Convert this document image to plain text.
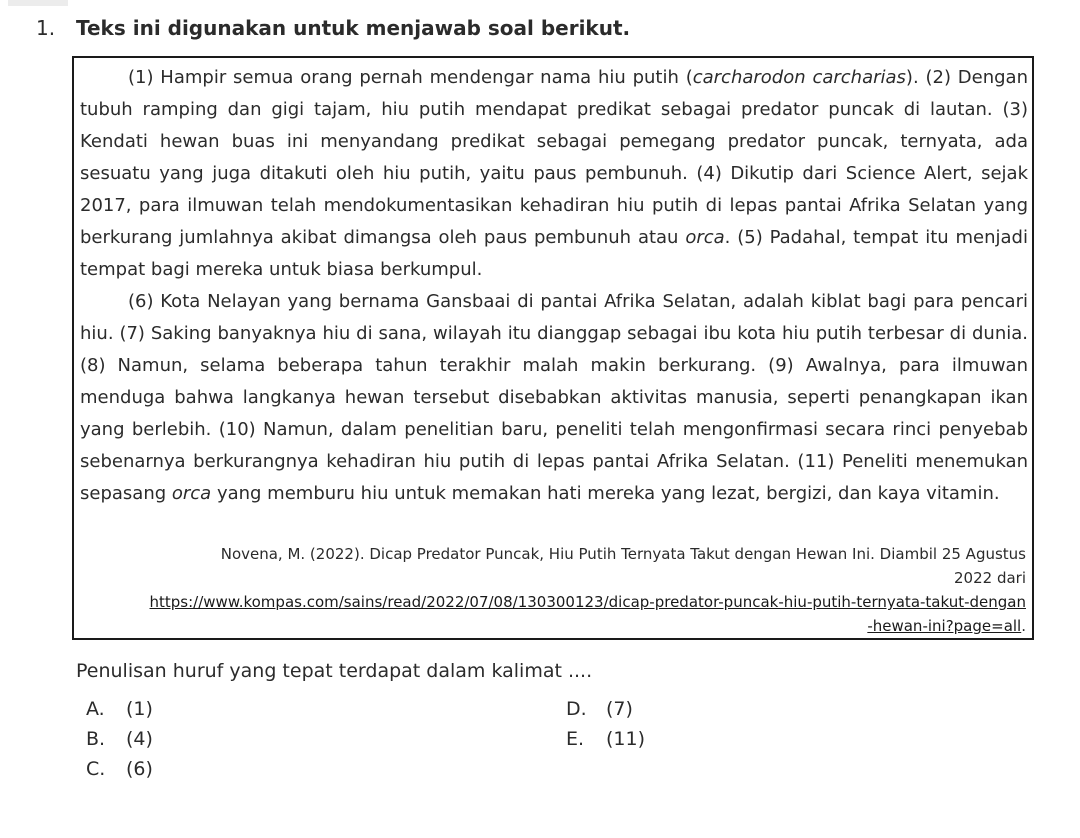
1. Teks ini digunakan untuk menjawab soal berikut.

(1) Hampir semua orang pernah mendengar nama hiu putih (carcharodon carcharias). (2) Dengan tubuh ramping dan gigi tajam, hiu putih mendapat predikat sebagai predator puncak di lautan. (3) Kendati hewan buas ini menyandang predikat sebagai pemegang predator puncak, ternyata, ada sesuatu yang juga ditakuti oleh hiu putih, yaitu paus pembunuh. (4) Dikutip dari Science Alert, sejak 2017, para ilmuwan telah mendokumentasikan kehadiran hiu putih di lepas pantai Afrika Selatan yang berkurang jumlahnya akibat dimangsa oleh paus pembunuh atau orca. (5) Padahal, tempat itu menjadi tempat bagi mereka untuk biasa berkumpul.

(6) Kota Nelayan yang bernama Gansbaai di pantai Afrika Selatan, adalah kiblat bagi para pencari hiu. (7) Saking banyaknya hiu di sana, wilayah itu dianggap sebagai ibu kota hiu putih terbesar di dunia. (8) Namun, selama beberapa tahun terakhir malah makin berkurang. (9) Awalnya, para ilmuwan menduga bahwa langkanya hewan tersebut disebabkan aktivitas manusia, seperti penangkapan ikan yang berlebih. (10) Namun, dalam penelitian baru, peneliti telah mengonfirmasi secara rinci penyebab sebenarnya berkurangnya kehadiran hiu putih di lepas pantai Afrika Selatan. (11) Peneliti menemukan sepasang orca yang memburu hiu untuk memakan hati mereka yang lezat, bergizi, dan kaya vitamin.

Novena, M. (2022). Dicap Predator Puncak, Hiu Putih Ternyata Takut dengan Hewan Ini. Diambil 25 Agustus
2022 dari
https://www.kompas.com/sains/read/2022/07/08/130300123/dicap-predator-puncak-hiu-putih-ternyata-takut-dengan
-hewan-ini?page=all.
Penulisan huruf yang tepat terdapat dalam kalimat ....
A. (1)
B. (4)
C. (6)
D. (7)
E. (11)
